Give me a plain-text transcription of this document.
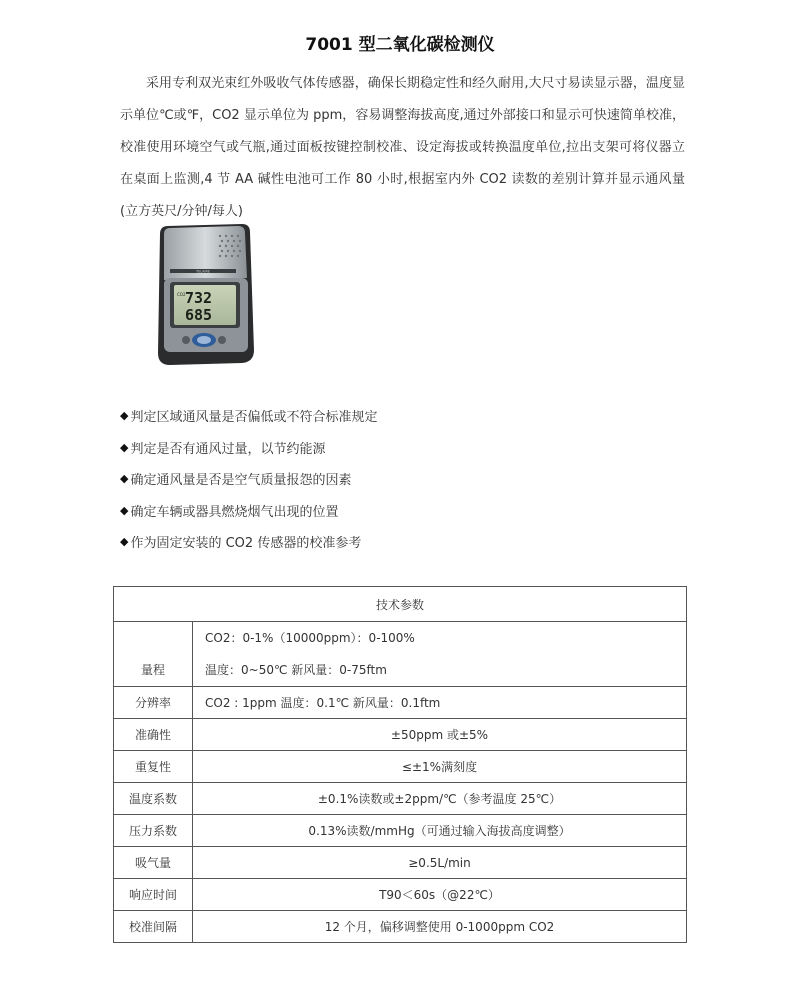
7001 型二氧化碳检测仪

采用专利双光束红外吸收气体传感器，确保长期稳定性和经久耐用,大尺寸易读显示器，温度显示单位℃或℉，CO2 显示单位为 ppm，容易调整海拔高度,通过外部接口和显示可快速简单校准，校准使用环境空气或气瓶,通过面板按键控制校准、设定海拔或转换温度单位,拉出支架可将仪器立在桌面上监测,4 节 AA 碱性电池可工作 80 小时,根据室内外 CO2 读数的差别计算并显示通风量(立方英尺/分钟/每人)

TELAIRE
732
685
CO2
◆ 判定区域通风量是否偏低或不符合标准规定
◆ 判定是否有通风过量，以节约能源
◆ 确定通风量是否是空气质量报怨的因素
◆ 确定车辆或器具燃烧烟气出现的位置
◆ 作为固定安装的 CO2 传感器的校准参考
技术参数	

量程	CO2：0-1%（10000ppm）：0-100%
温度：0~50℃ 新风量：0-75ftm

分辨率	CO2 : 1ppm 温度：0.1℃ 新风量：0.1ftm
准确性	±50ppm 或±5%
重复性	≤±1%满刻度
温度系数	±0.1%读数或±2ppm/℃（参考温度 25℃）
压力系数	0.13%读数/mmHg（可通过输入海拔高度调整）
吸气量	≥0.5L/min
响应时间	T90＜60s（@22℃）
校准间隔	12 个月，偏移调整使用 0-1000ppm CO2
